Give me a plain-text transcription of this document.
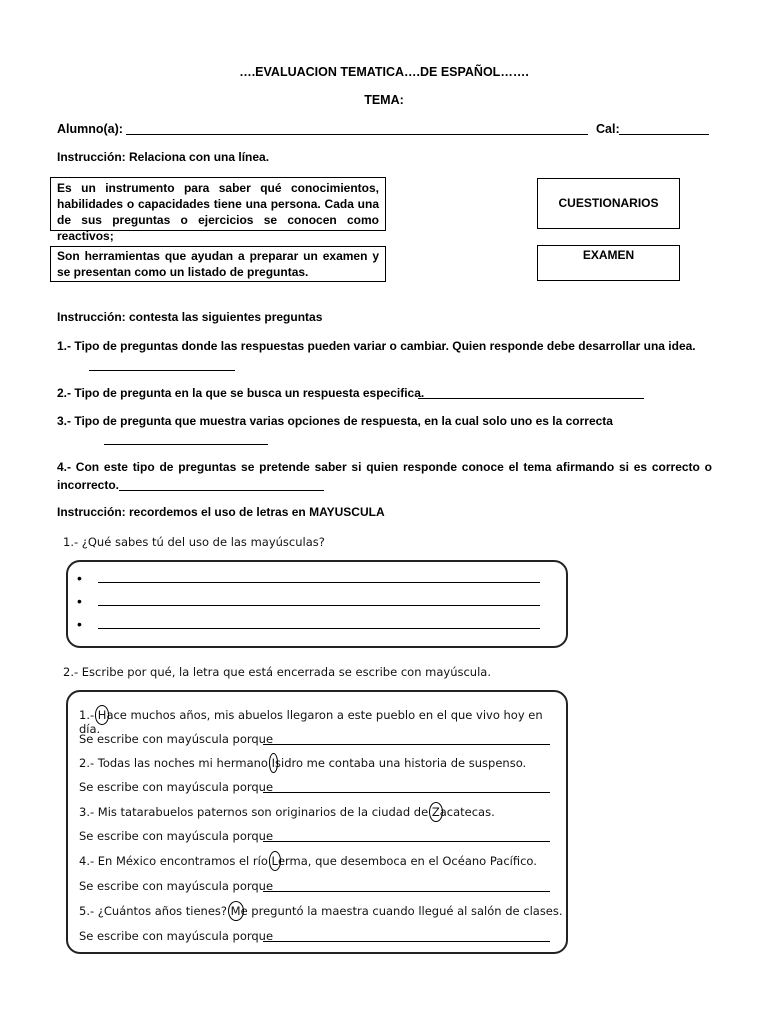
….EVALUACION TEMATICA….DE ESPAÑOL…….
TEMA:
Alumno(a):	Cal:
Instrucción: Relaciona con una línea.
Es un instrumento para saber qué conocimientos, habilidades o capacidades tiene una persona. Cada una de sus preguntas o ejercicios se conocen como reactivos;
Son herramientas que ayudan a preparar un examen y se presentan como un listado de preguntas.
CUESTIONARIOS
EXAMEN
Instrucción: contesta las siguientes preguntas
1.- Tipo de preguntas donde las respuestas pueden variar o cambiar. Quien responde debe desarrollar una idea.
2.- Tipo de pregunta en la que se busca un respuesta especifica.
3.- Tipo de pregunta que muestra varias opciones de respuesta, en la cual solo uno es la correcta
4.- Con este tipo de preguntas se pretende saber si quien responde conoce el tema afirmando si es correcto o incorrecto.
Instrucción: recordemos el uso de letras en MAYUSCULA
1.- ¿Qué sabes tú del uso de las mayúsculas?
•
•
•
2.- Escribe por qué, la letra que está encerrada se escribe con mayúscula.
1.- Hace muchos años, mis abuelos llegaron a este pueblo en el que vivo hoy en día.
Se escribe con mayúscula porque
2.- Todas las noches mi hermano Isidro me contaba una historia de suspenso.
Se escribe con mayúscula porque
3.- Mis tatarabuelos paternos son originarios de la ciudad de Zacatecas.
Se escribe con mayúscula porque
4.- En México encontramos el río Lerma, que desemboca en el Océano Pacífico.
Se escribe con mayúscula porque
5.- ¿Cuántos años tienes? Me preguntó la maestra cuando llegué al salón de clases.
Se escribe con mayúscula porque
